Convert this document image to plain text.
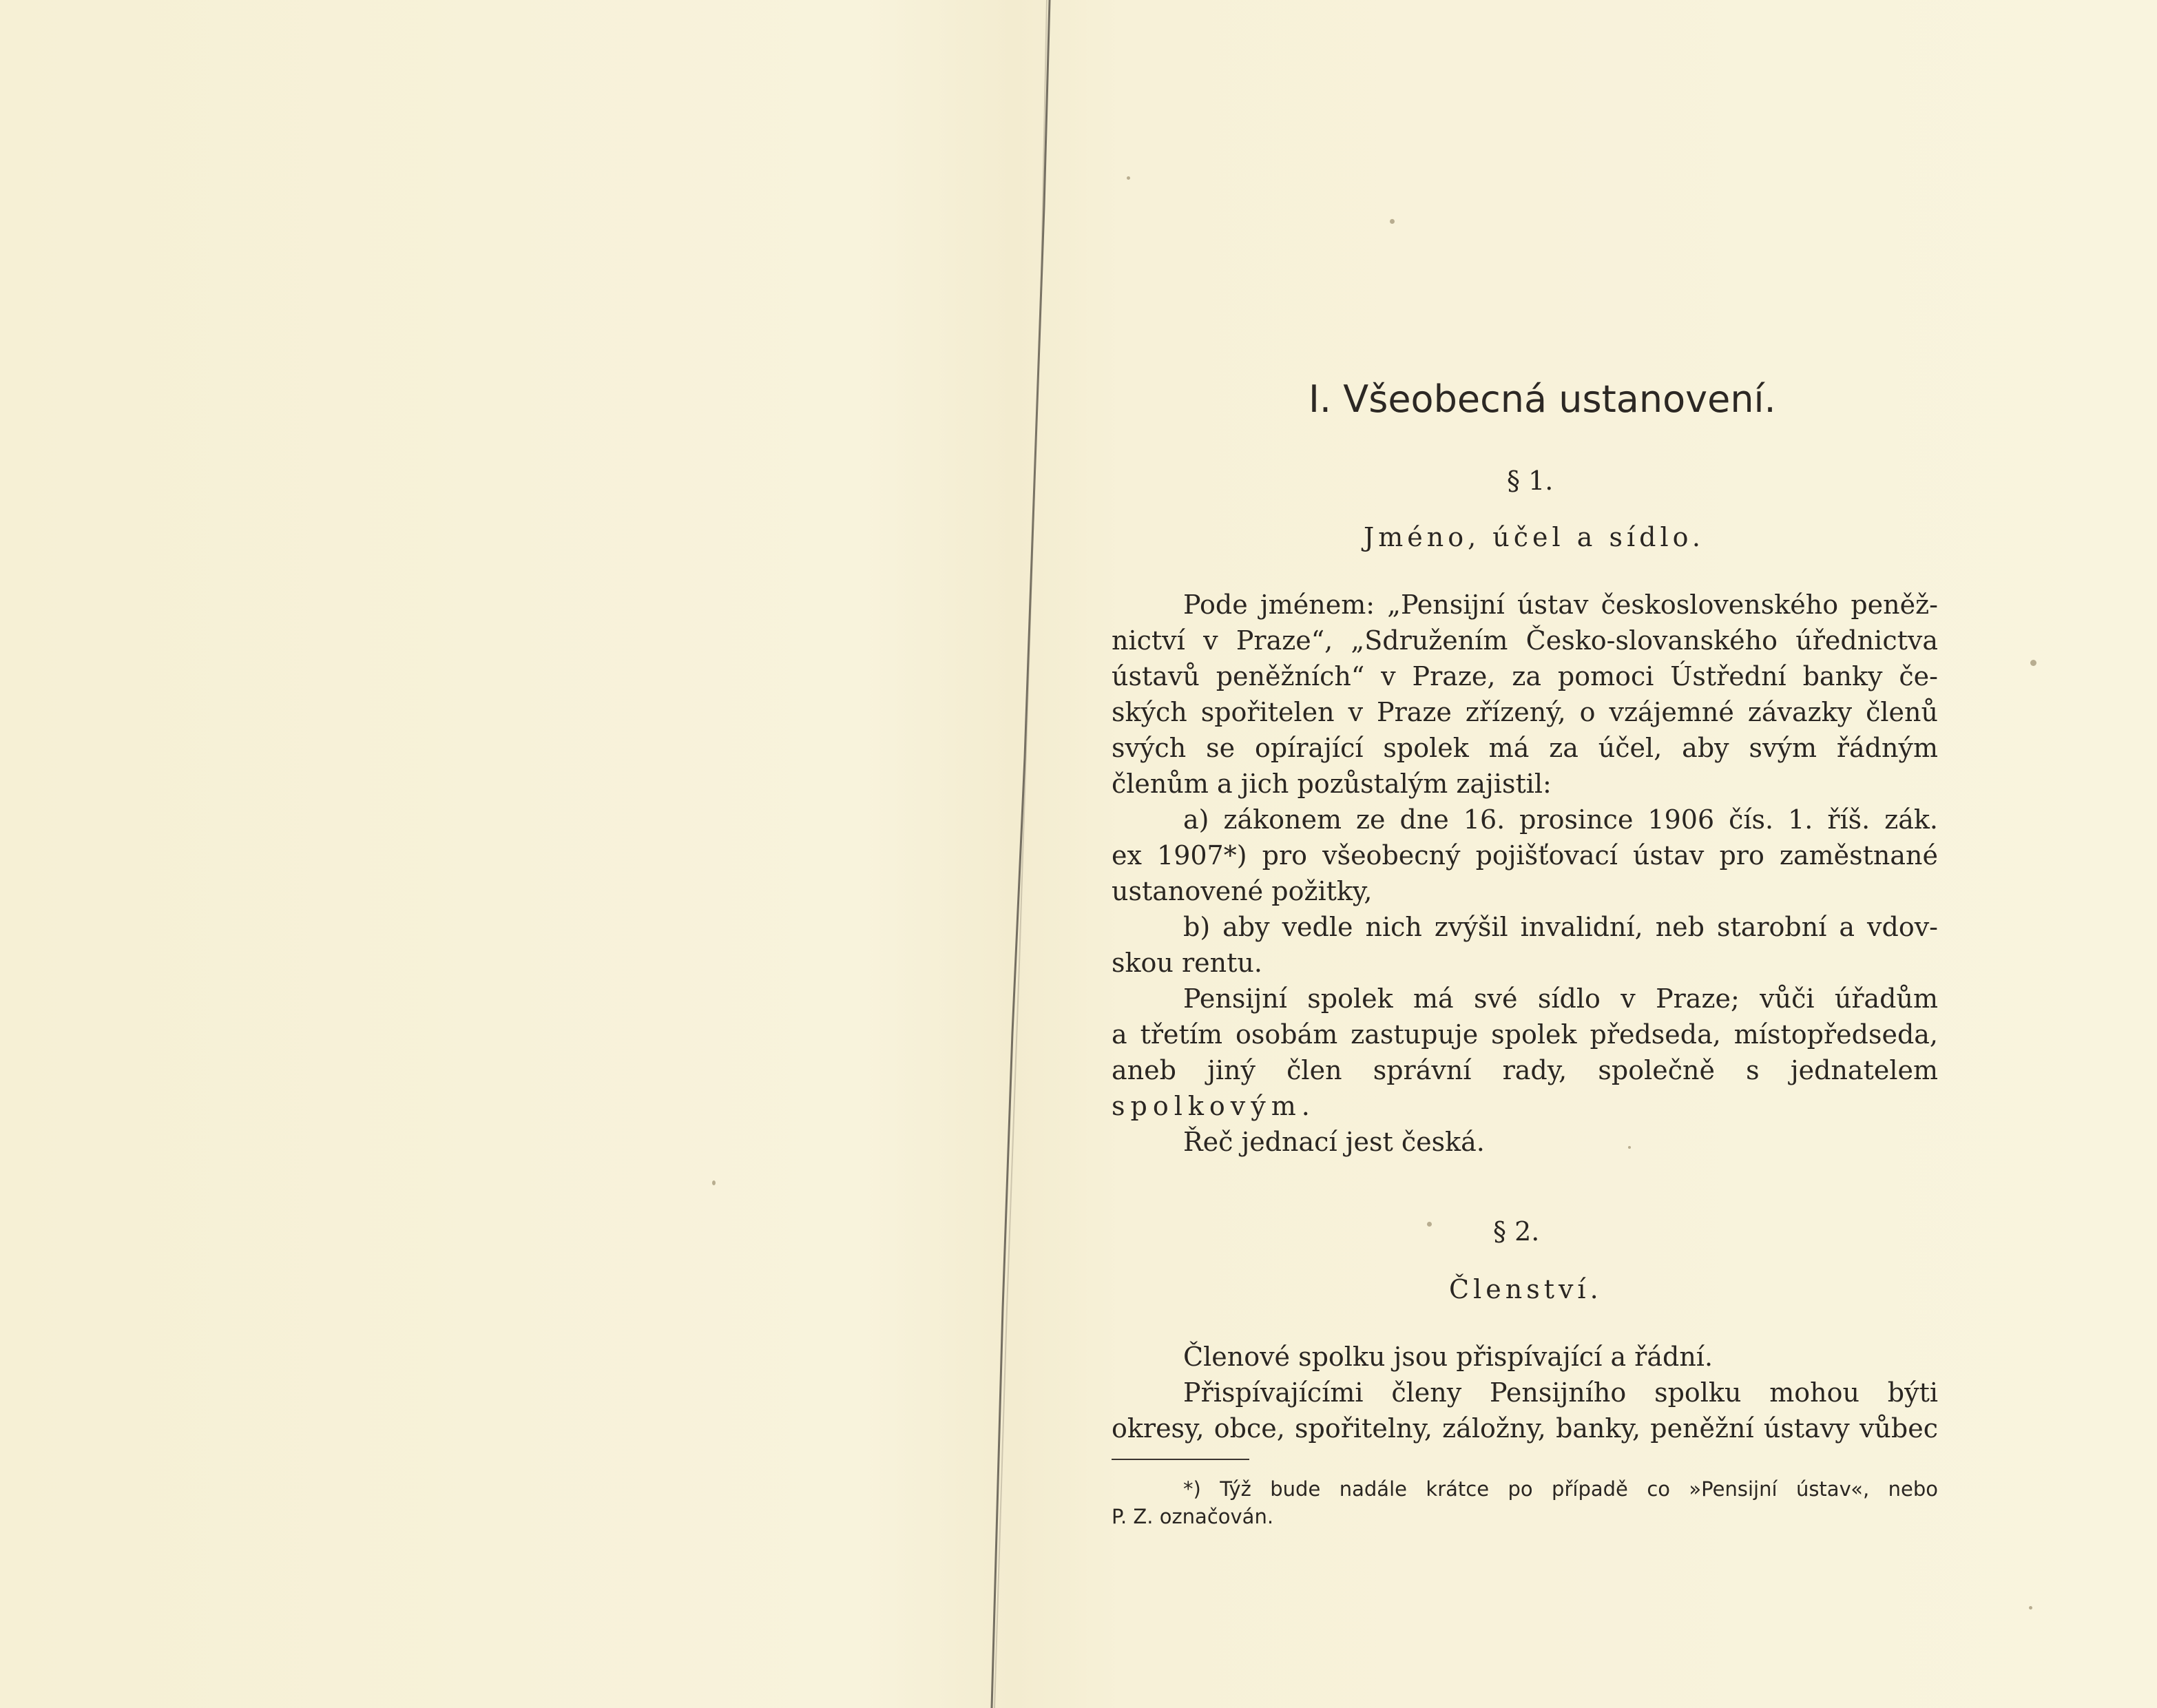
I. Všeobecná ustanovení.
§ 1.
Jméno, účel a sídlo.
Pode jménem: „Pensijní ústav československého peněž-
nictví v Praze“, „Sdružením Česko-slovanského úřednictva
ústavů peněžních“ v Praze, za pomoci Ústřední banky če-
ských spořitelen v Praze zřízený, o vzájemné závazky členů
svých se opírající spolek má za účel, aby svým řádným
členům a jich pozůstalým zajistil:
a) zákonem ze dne 16. prosince 1906 čís. 1. říš. zák.
ex 1907*) pro všeobecný pojišťovací ústav pro zaměstnané
ustanovené požitky,
b) aby vedle nich zvýšil invalidní, neb starobní a vdov-
skou rentu.
Pensijní spolek má své sídlo v Praze; vůči úřadům
a třetím osobám zastupuje spolek předseda, místopředseda,
aneb jiný člen správní rady, společně s jednatelem
spolkovým.
Řeč jednací jest česká.
§ 2.
Členství.
Členové spolku jsou přispívající a řádní.
Přispívajícími členy Pensijního spolku mohou býti
okresy, obce, spořitelny, záložny, banky, peněžní ústavy vůbec
*) Týž bude nadále krátce po případě co »Pensijní ústav«, nebo
P. Z. označován.
